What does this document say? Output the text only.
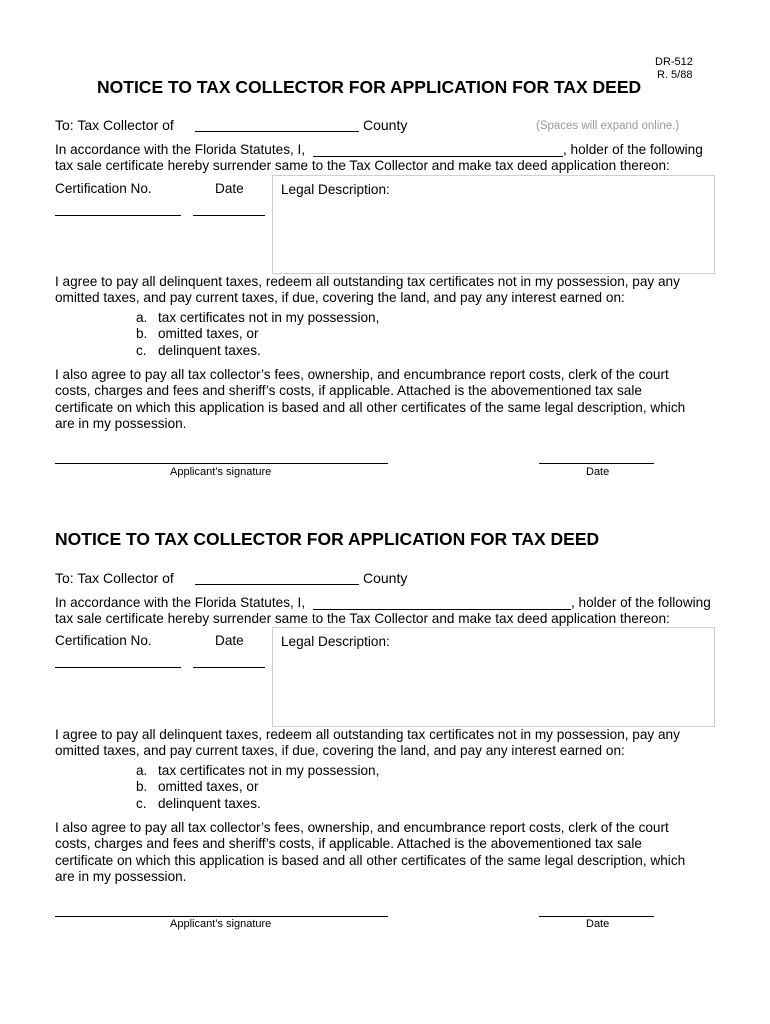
DR-512
R. 5/88
NOTICE TO TAX COLLECTOR FOR APPLICATION FOR TAX DEED
To: Tax Collector of	County	(Spaces will expand online.)
In accordance with the Florida Statutes, I,	, holder of the following
tax sale certificate hereby surrender same to the Tax Collector and make tax deed application thereon:
Certification No.	Date	Legal Description:
I agree to pay all delinquent taxes, redeem all outstanding tax certificates not in my possession, pay any
omitted taxes, and pay current taxes, if due, covering the land, and pay any interest earned on:
a. tax certificates not in my possession,
b. omitted taxes, or
c. delinquent taxes.
I also agree to pay all tax collector’s fees, ownership, and encumbrance report costs, clerk of the court
costs, charges and fees and sheriff’s costs, if applicable. Attached is the abovementioned tax sale
certificate on which this application is based and all other certificates of the same legal description, which
are in my possession.
Applicant’s signature	Date
NOTICE TO TAX COLLECTOR FOR APPLICATION FOR TAX DEED
To: Tax Collector of	County
In accordance with the Florida Statutes, I,	, holder of the following
tax sale certificate hereby surrender same to the Tax Collector and make tax deed application thereon:
Certification No.	Date	Legal Description:
I agree to pay all delinquent taxes, redeem all outstanding tax certificates not in my possession, pay any
omitted taxes, and pay current taxes, if due, covering the land, and pay any interest earned on:
a. tax certificates not in my possession,
b. omitted taxes, or
c. delinquent taxes.
I also agree to pay all tax collector’s fees, ownership, and encumbrance report costs, clerk of the court
costs, charges and fees and sheriff’s costs, if applicable. Attached is the abovementioned tax sale
certificate on which this application is based and all other certificates of the same legal description, which
are in my possession.
Applicant’s signature	Date
